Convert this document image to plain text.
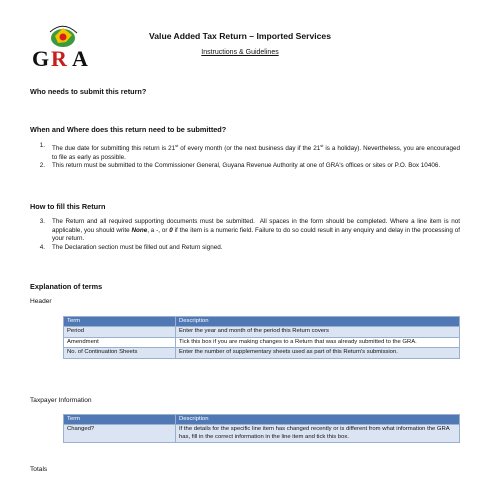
G R A
Value Added Tax Return – Imported Services
Instructions & Guidelines
Who needs to submit this return?
When and Where does this return need to be submitted?
1.	The due date for submitting this return is 21st of every month (or the next business day if the 21st is a holiday). Nevertheless, you are encouraged to file as early as possible.
2.	This return must be submitted to the Commissioner General, Guyana Revenue Authority at one of GRA's offices or sites or P.O. Box 10406.
How to fill this Return
3.	The Return and all required supporting documents must be submitted.  All spaces in the form should be completed. Where a line item is not applicable, you should write None, a -, or 0 if the item is a numeric field. Failure to do so could result in any enquiry and delay in the processing of your return.
4.	The Declaration section must be filled out and Return signed.
Explanation of terms
Header
Term	Description
Period	Enter the year and month of the period this Return covers
Amendment	Tick this box if you are making changes to a Return that was already submitted to the GRA.
No. of Continuation Sheets	Enter the number of supplementary sheets used as part of this Return's submission.
Taxpayer Information
Term	Description
Changed?	If the details for the specific line item has changed recently or is different from what information the GRA has, fill in the correct information in the line item and tick this box.
Totals
